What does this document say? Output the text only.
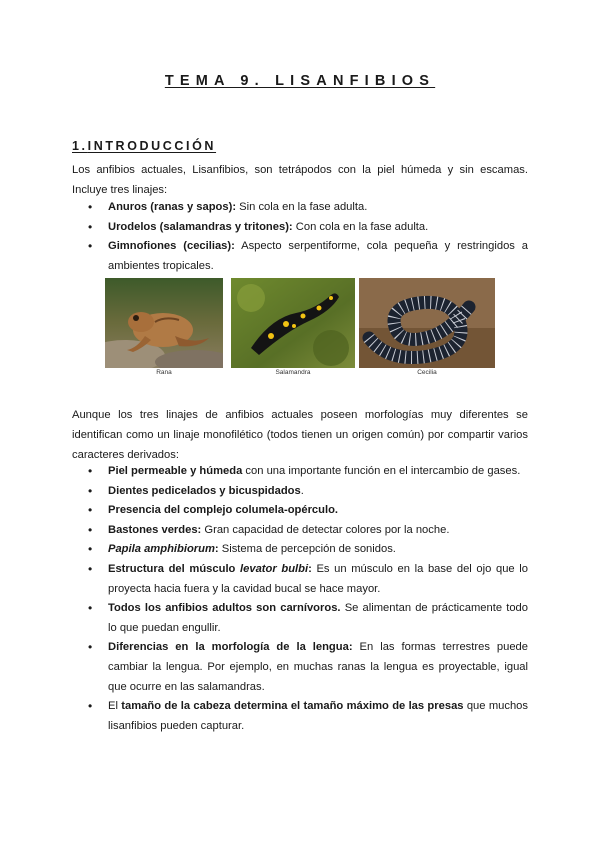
TEMA 9. LISANFIBIOS
1.INTRODUCCIÓN

Los anfibios actuales, Lisanfibios, son tetrápodos con la piel húmeda y sin escamas. Incluye tres linajes:

• Anuros (ranas y sapos): Sin cola en la fase adulta.
• Urodelos (salamandras y tritones): Con cola en la fase adulta.
• Gimnofiones (cecilias): Aspecto serpentiforme, cola pequeña y restringidos a ambientes tropicales.
Rana	Salamandra	Cecilia

Aunque los tres linajes de anfibios actuales poseen morfologías muy diferentes se identifican como un linaje monofilético (todos tienen un origen común) por compartir varios caracteres derivados:

• Piel permeable y húmeda con una importante función en el intercambio de gases.
• Dientes pedicelados y bicuspidados.
• Presencia del complejo columela-opérculo.
• Bastones verdes: Gran capacidad de detectar colores por la noche.
• Papila amphibiorum: Sistema de percepción de sonidos.
• Estructura del músculo levator bulbi: Es un músculo en la base del ojo que lo proyecta hacia fuera y la cavidad bucal se hace mayor.
• Todos los anfibios adultos son carnívoros. Se alimentan de prácticamente todo lo que puedan engullir.
• Diferencias en la morfología de la lengua: En las formas terrestres puede cambiar la lengua. Por ejemplo, en muchas ranas la lengua es proyectable, igual que ocurre en las salamandras.
• El tamaño de la cabeza determina el tamaño máximo de las presas que muchos lisanfibios pueden capturar.
